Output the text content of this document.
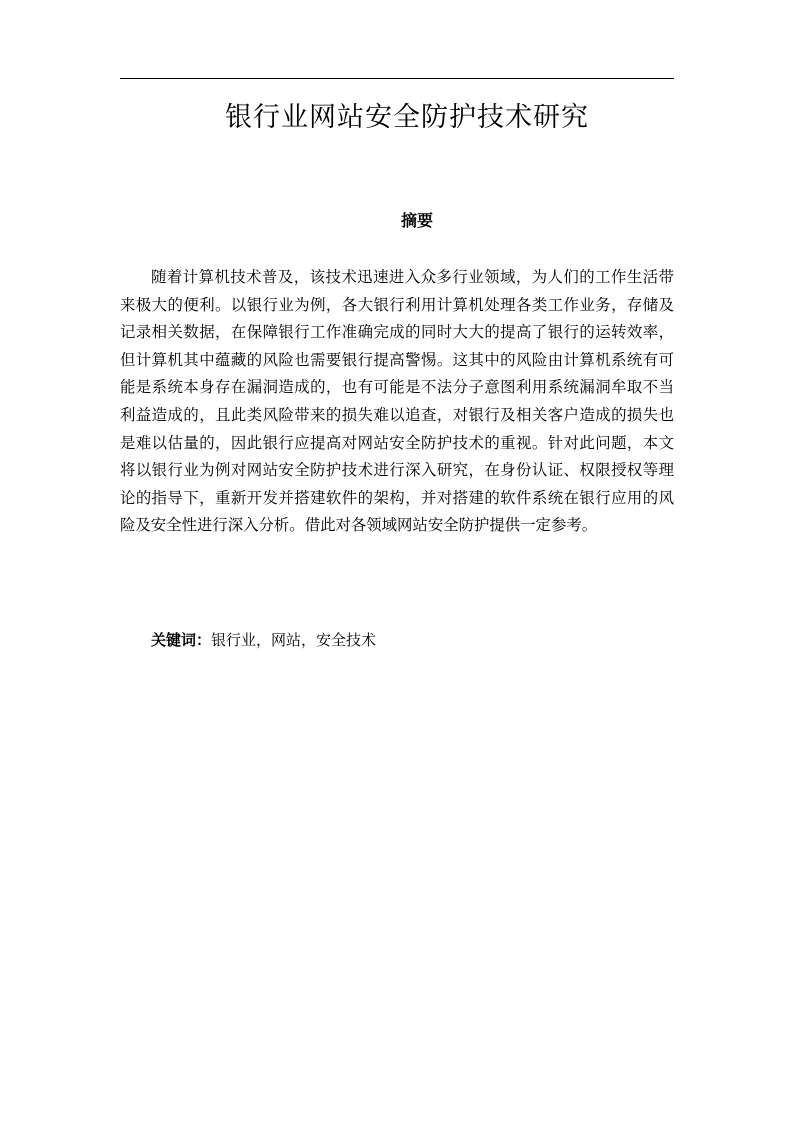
银行业网站安全防护技术研究
摘要

随着计算机技术普及，该技术迅速进入众多行业领域，为人们的工作生活带来极大的便利。以银行业为例，各大银行利用计算机处理各类工作业务，存储及记录相关数据，在保障银行工作准确完成的同时大大的提高了银行的运转效率，但计算机其中蕴藏的风险也需要银行提高警惕。这其中的风险由计算机系统有可能是系统本身存在漏洞造成的，也有可能是不法分子意图利用系统漏洞牟取不当利益造成的，且此类风险带来的损失难以追查，对银行及相关客户造成的损失也是难以估量的，因此银行应提高对网站安全防护技术的重视。针对此问题，本文将以银行业为例对网站安全防护技术进行深入研究，在身份认证、权限授权等理论的指导下，重新开发并搭建软件的架构，并对搭建的软件系统在银行应用的风险及安全性进行深入分析。借此对各领域网站安全防护提供一定参考。

关键词：银行业，网站，安全技术
